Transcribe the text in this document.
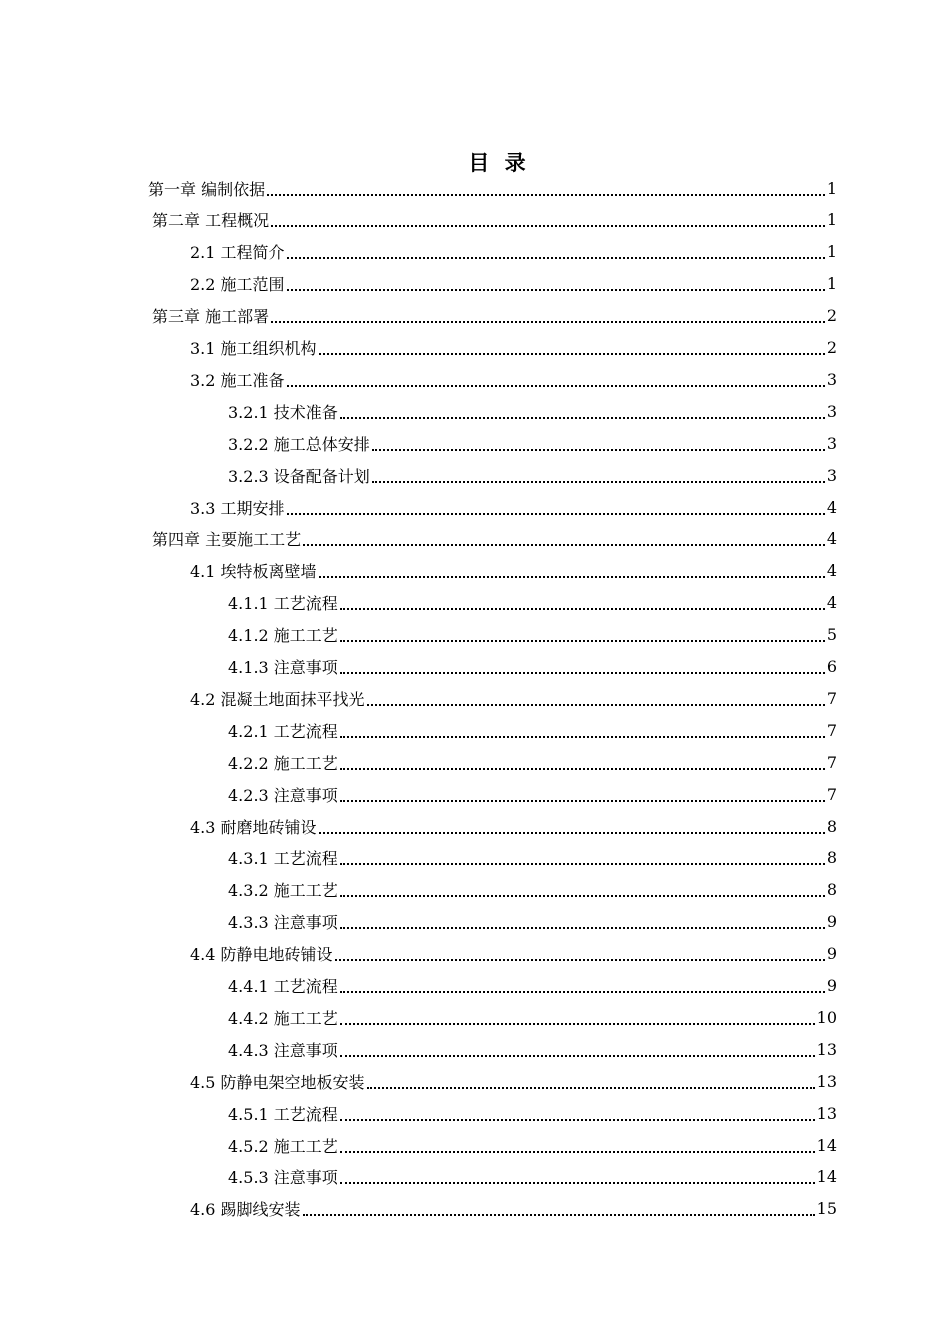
目 录
第一章 编制依据	1
第二章 工程概况	1
2.1 工程简介	1
2.2 施工范围	1
第三章 施工部署	2
3.1 施工组织机构	2
3.2 施工准备	3
3.2.1 技术准备	3
3.2.2 施工总体安排	3
3.2.3 设备配备计划	3
3.3 工期安排	4
第四章 主要施工工艺	4
4.1 埃特板离壁墙	4
4.1.1 工艺流程	4
4.1.2 施工工艺	5
4.1.3 注意事项	6
4.2 混凝土地面抹平找光	7
4.2.1 工艺流程	7
4.2.2 施工工艺	7
4.2.3 注意事项	7
4.3 耐磨地砖铺设	8
4.3.1 工艺流程	8
4.3.2 施工工艺	8
4.3.3 注意事项	9
4.4 防静电地砖铺设	9
4.4.1 工艺流程	9
4.4.2 施工工艺	10
4.4.3 注意事项	13
4.5 防静电架空地板安装	13
4.5.1 工艺流程	13
4.5.2 施工工艺	14
4.5.3 注意事项	14
4.6 踢脚线安装	15
